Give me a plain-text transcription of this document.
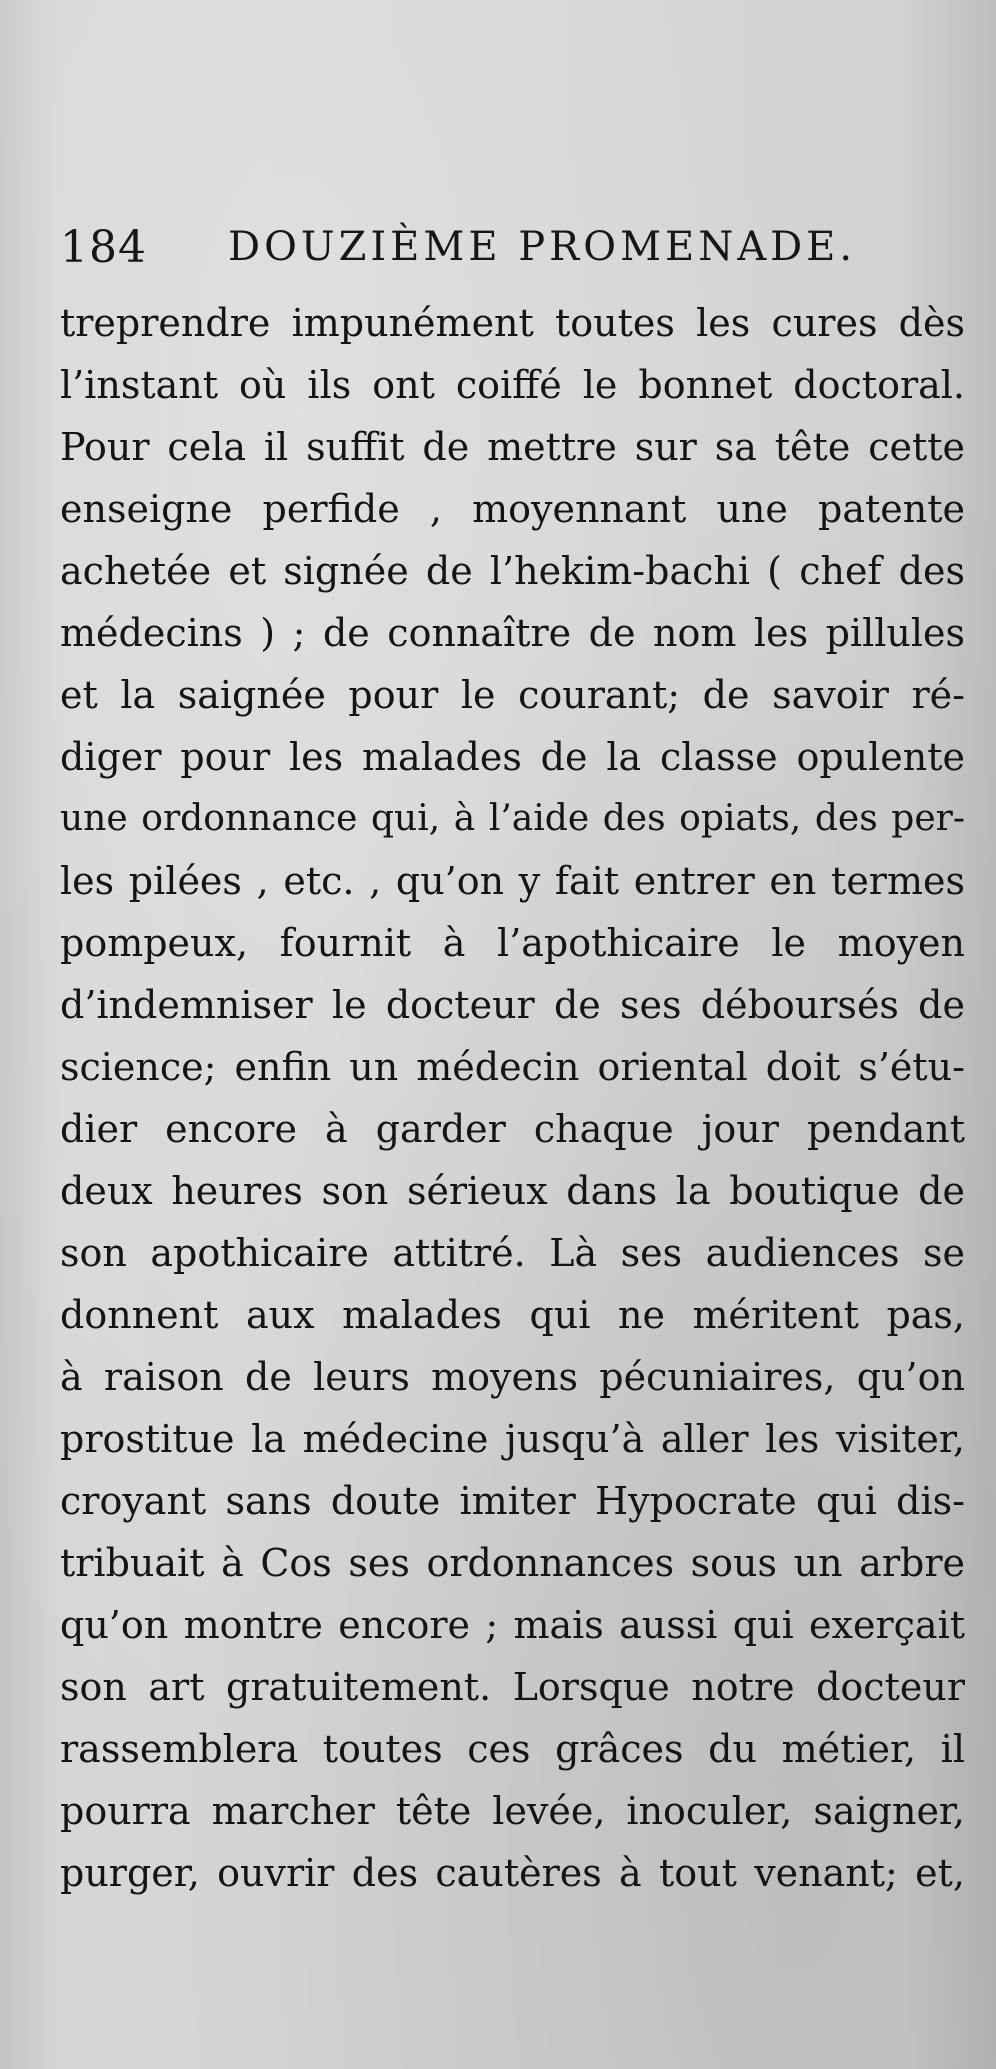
184 DOUZIÈME PROMENADE.
treprendre impunément toutes les cures dès
l’instant où ils ont coiffé le bonnet doctoral.
Pour cela il suffit de mettre sur sa tête cette
enseigne perfide , moyennant une patente
achetée et signée de l’hekim-bachi ( chef des
médecins ) ; de connaître de nom les pillules
et la saignée pour le courant; de savoir ré-
diger pour les malades de la classe opulente
une ordonnance qui, à l’aide des opiats, des per-
les pilées , etc. , qu’on y fait entrer en termes
pompeux, fournit à l’apothicaire le moyen
d’indemniser le docteur de ses déboursés de
science; enfin un médecin oriental doit s’étu-
dier encore à garder chaque jour pendant
deux heures son sérieux dans la boutique de
son apothicaire attitré. Là ses audiences se
donnent aux malades qui ne méritent pas,
à raison de leurs moyens pécuniaires, qu’on
prostitue la médecine jusqu’à aller les visiter,
croyant sans doute imiter Hypocrate qui dis-
tribuait à Cos ses ordonnances sous un arbre
qu’on montre encore ; mais aussi qui exerçait
son art gratuitement. Lorsque notre docteur
rassemblera toutes ces grâces du métier, il
pourra marcher tête levée, inoculer, saigner,
purger, ouvrir des cautères à tout venant; et,
